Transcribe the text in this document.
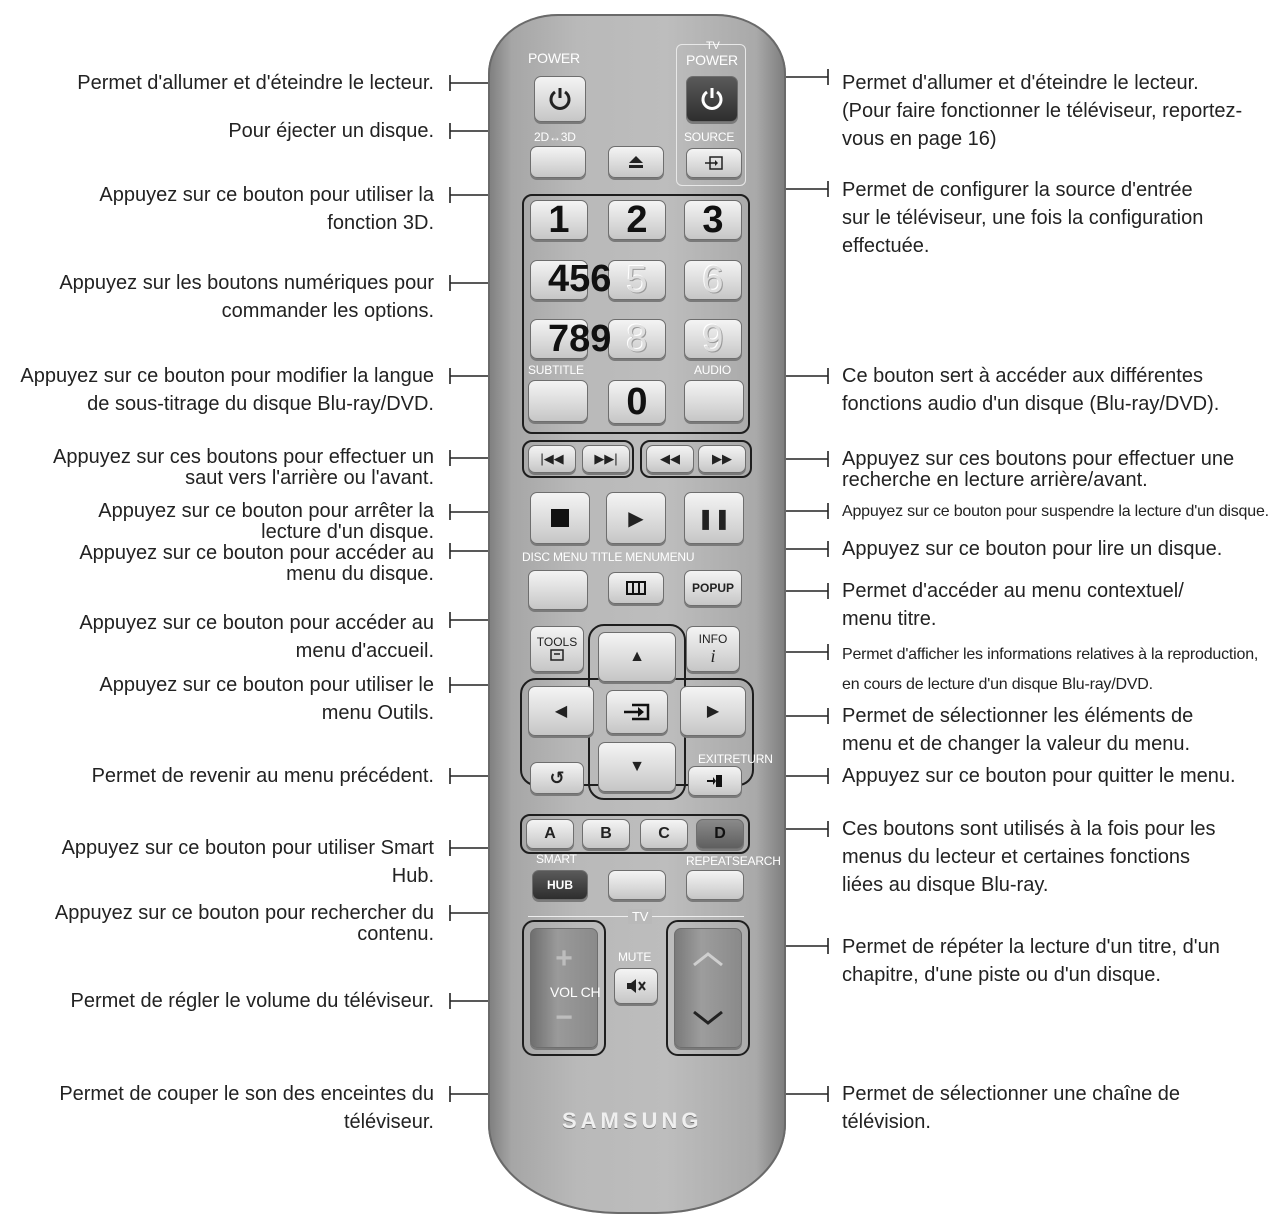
Permet d'allumer et d'éteindre le lecteur.
Pour éjecter un disque.
Appuyez sur ce bouton pour utiliser la
fonction 3D.
Appuyez sur les boutons numériques pour
commander les options.
Appuyez sur ce bouton pour modifier la langue
de sous-titrage du disque Blu-ray/DVD.
Appuyez sur ces boutons pour effectuer un
saut vers l'arrière ou l'avant.
Appuyez sur ce bouton pour arrêter la
lecture d'un disque.
Appuyez sur ce bouton pour accéder au
menu du disque.
Appuyez sur ce bouton pour accéder au
menu d'accueil.
Appuyez sur ce bouton pour utiliser le
menu Outils.
Permet de revenir au menu précédent.
Appuyez sur ce bouton pour utiliser Smart
Hub.
Appuyez sur ce bouton pour rechercher du
contenu.
Permet de régler le volume du téléviseur.
Permet de couper le son des enceintes du
téléviseur.
Permet d'allumer et d'éteindre le lecteur.
(Pour faire fonctionner le téléviseur, reportez-
vous en page 16)
Permet de configurer la source d'entrée
sur le téléviseur, une fois la configuration
effectuée.
Ce bouton sert à accéder aux différentes
fonctions audio d'un disque (Blu-ray/DVD).
Appuyez sur ces boutons pour effectuer une
recherche en lecture arrière/avant.
Appuyez sur ce bouton pour suspendre la lecture d'un disque.
Appuyez sur ce bouton pour lire un disque.
Permet d'accéder au menu contextuel/
menu titre.
Permet d'afficher les informations relatives à la reproduction,
en cours de lecture d'un disque Blu-ray/DVD.
Permet de sélectionner les éléments de
menu et de changer la valeur du menu.
Appuyez sur ce bouton pour quitter le menu.
Ces boutons sont utilisés à la fois pour les
menus du lecteur et certaines fonctions
liées au disque Blu-ray.
Permet de répéter la lecture d'un titre, d'un
chapitre, d'une piste ou d'un disque.
Permet de sélectionner une chaîne de
télévision.
POWER
TV
POWER
2D↔3D	SOURCE
1 2 3
5 6
456
8 9
789
SUBTITLE
0
AUDIO
|◀◀ ▶▶|	◀◀ ▶▶
▶	❚❚
DISC MENU TITLE MENUMENU
POPUP
TOOLS	INFO
i
▲
◀	▶
▼
↺
EXITRETURN
A	B	C	D
SMART
HUB
REPEATSEARCH
TV
+
−
VOL CH
MUTE
SAMSUNG
